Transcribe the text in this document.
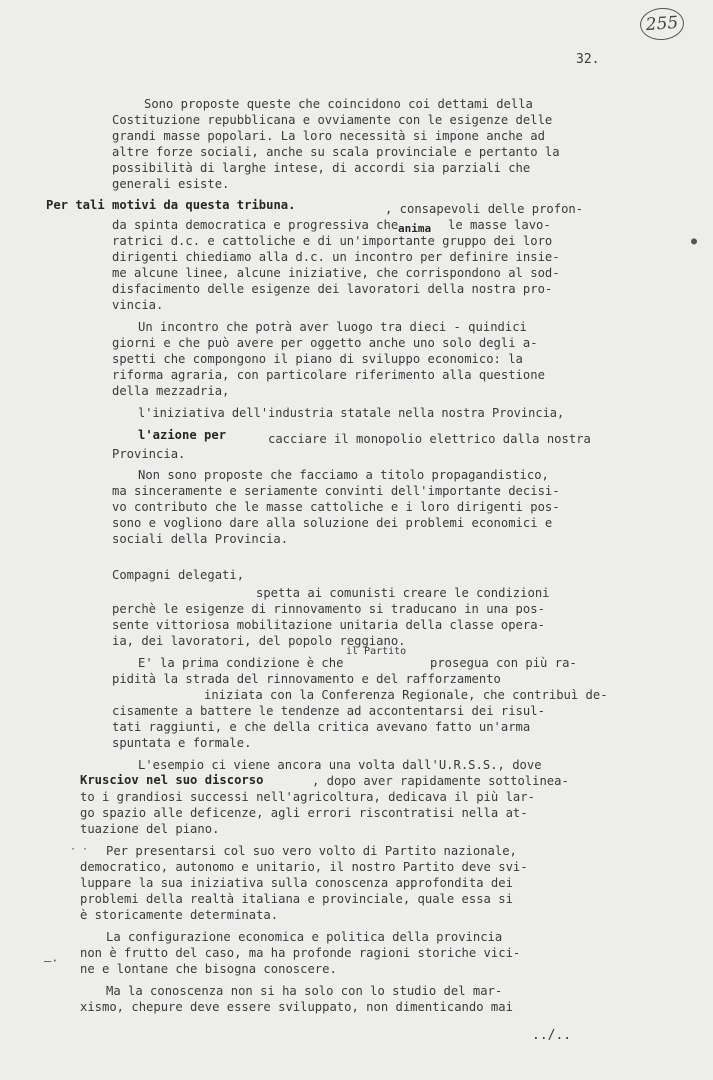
255
32.
Sono proposte queste che coincidono coi dettami della
Costituzione repubblicana e ovviamente con le esigenze delle
grandi masse popolari. La loro necessità si impone anche ad
altre forze sociali, anche su scala provinciale e pertanto la
possibilità di larghe intese, di accordi sia parziali che
generali esiste.
Per tali motivi da questa tribuna.	, consapevoli delle profon-
da spinta democratica e progressiva che anima le masse lavo-
ratrici d.c. e cattoliche e di un'importante gruppo dei loro
dirigenti chiediamo alla d.c. un incontro per definire insie-
me alcune linee, alcune iniziative, che corrispondono al sod-
disfacimento delle esigenze dei lavoratori della nostra pro-
vincia.
Un incontro che potrà aver luogo tra dieci - quindici
giorni e che può avere per oggetto anche uno solo degli a-
spetti che compongono il piano di sviluppo economico: la
riforma agraria, con particolare riferimento alla questione
della mezzadria,
l'iniziativa dell'industria statale nella nostra Provincia,
l'azione per	cacciare il monopolio elettrico dalla nostra
Provincia.
Non sono proposte che facciamo a titolo propagandistico,
ma sinceramente e seriamente convinti dell'importante decisi-
vo contributo che le masse cattoliche e i loro dirigenti pos-
sono e vogliono dare alla soluzione dei problemi economici e
sociali della Provincia.
Compagni delegati,
spetta ai comunisti creare le condizioni
perchè le esigenze di rinnovamento si traducano in una pos-
sente vittoriosa mobilitazione unitaria della classe opera-
ia, dei lavoratori, del popolo reggiano.
E' la prima condizione è che
il Partito
prosegua con più ra-
pidità la strada del rinnovamento e del rafforzamento
iniziata con la Conferenza Regionale, che contribuì de-
cisamente a battere le tendenze ad accontentarsi dei risul-
tati raggiunti, e che della critica avevano fatto un'arma
spuntata e formale.
L'esempio ci viene ancora una volta dall'U.R.S.S., dove
Krusciov nel suo discorso	, dopo aver rapidamente sottolinea-
to i grandiosi successi nell'agricoltura, dedicava il più lar-
go spazio alle deficenze, agli errori riscontratisi nella at-
tuazione del piano.
Per presentarsi col suo vero volto di Partito nazionale,
democratico, autonomo e unitario, il nostro Partito deve svi-
luppare la sua iniziativa sulla conoscenza approfondita dei
problemi della realtà italiana e provinciale, quale essa si
è storicamente determinata.
La configurazione economica e politica della provincia
non è frutto del caso, ma ha profonde ragioni storiche vici-
ne e lontane che bisogna conoscere.
Ma la conoscenza non si ha solo con lo studio del mar-
xismo, chepure deve essere sviluppato, non dimenticando mai
../..
●
· ·
—·
